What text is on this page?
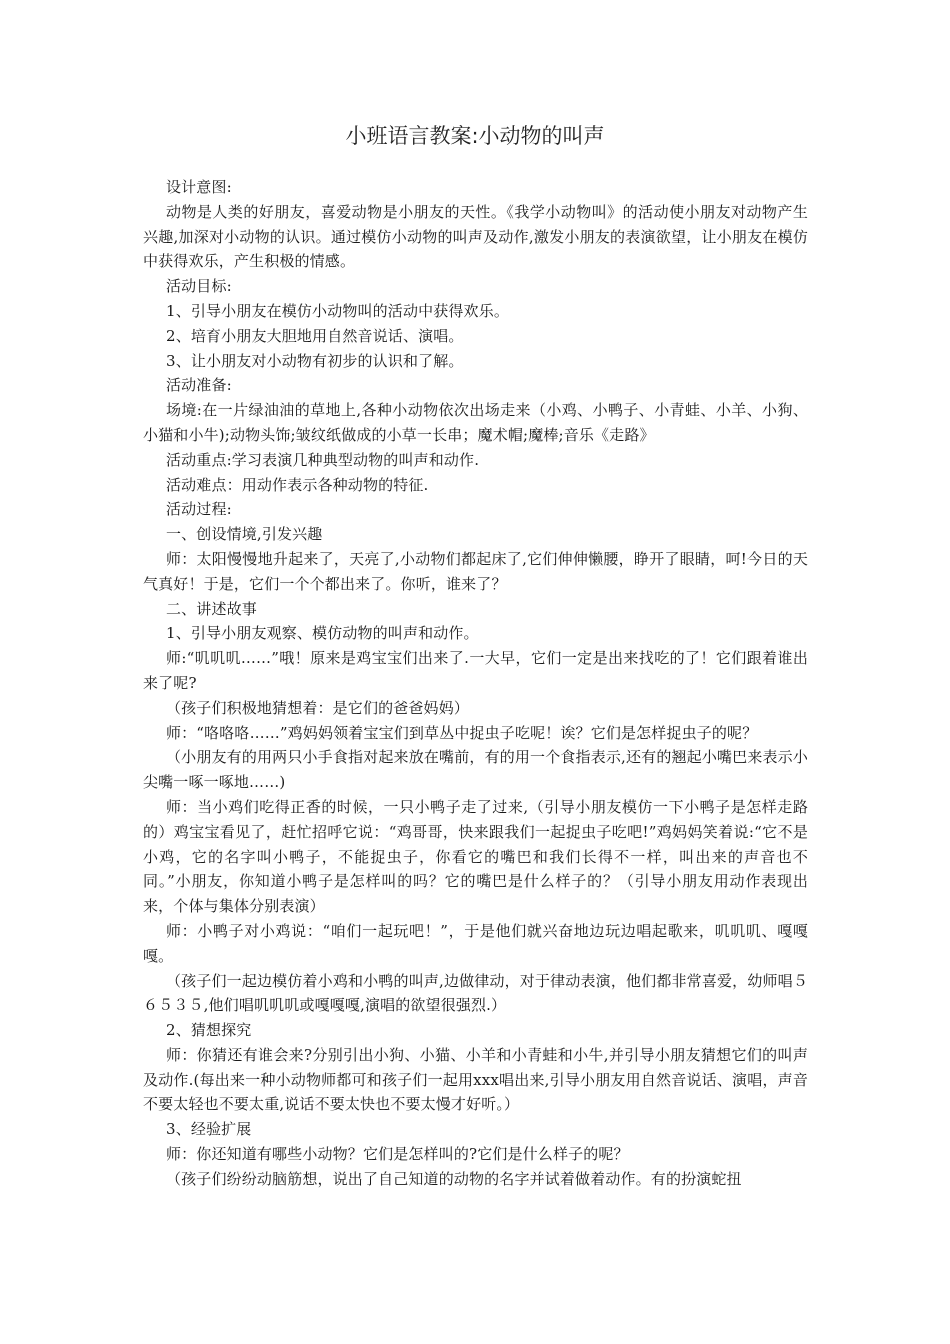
小班语言教案:小动物的叫声

设计意图:

动物是人类的好朋友，喜爱动物是小朋友的天性。《我学小动物叫》的活动使小朋友对动物产生兴趣,加深对小动物的认识。通过模仿小动物的叫声及动作,激发小朋友的表演欲望，让小朋友在模仿中获得欢乐，产生积极的情感。

活动目标:

1、引导小朋友在模仿小动物叫的活动中获得欢乐。

2、培育小朋友大胆地用自然音说话、演唱。

3、让小朋友对小动物有初步的认识和了解。

活动准备:

场境:在一片绿油油的草地上,各种小动物依次出场走来（小鸡、小鸭子、小青蛙、小羊、小狗、小猫和小牛);动物头饰;皱纹纸做成的小草一长串；魔术帽;魔棒;音乐《走路》

活动重点:学习表演几种典型动物的叫声和动作.

活动难点：用动作表示各种动物的特征.

活动过程:

一、创设情境,引发兴趣

师：太阳慢慢地升起来了，天亮了,小动物们都起床了,它们伸伸懒腰，睁开了眼睛，呵!今日的天气真好！于是，它们一个个都出来了。你听，谁来了？

二、讲述故事

1、引导小朋友观察、模仿动物的叫声和动作。

师:“叽叽叽……”哦！原来是鸡宝宝们出来了.一大早，它们一定是出来找吃的了！它们跟着谁出来了呢?

（孩子们积极地猜想着：是它们的爸爸妈妈）

师：“咯咯咯……”鸡妈妈领着宝宝们到草丛中捉虫子吃呢！诶？它们是怎样捉虫子的呢？

（小朋友有的用两只小手食指对起来放在嘴前，有的用一个食指表示,还有的翘起小嘴巴来表示小尖嘴一啄一啄地……)

师：当小鸡们吃得正香的时候，一只小鸭子走了过来,（引导小朋友模仿一下小鸭子是怎样走路的）鸡宝宝看见了，赶忙招呼它说：“鸡哥哥，快来跟我们一起捉虫子吃吧!”鸡妈妈笑着说:“它不是小鸡，它的名字叫小鸭子，不能捉虫子，你看它的嘴巴和我们长得不一样，叫出来的声音也不同。”小朋友，你知道小鸭子是怎样叫的吗？它的嘴巴是什么样子的？（引导小朋友用动作表现出来，个体与集体分别表演）

师：小鸭子对小鸡说：“咱们一起玩吧！”，于是他们就兴奋地边玩边唱起歌来，叽叽叽、嘎嘎嘎。

（孩子们一起边模仿着小鸡和小鸭的叫声,边做律动，对于律动表演，他们都非常喜爱，幼师唱５６５３５,他们唱叽叽叽或嘎嘎嘎,演唱的欲望很强烈.）

2、猜想探究

师：你猜还有谁会来?分别引出小狗、小猫、小羊和小青蛙和小牛,并引导小朋友猜想它们的叫声及动作.(每出来一种小动物师都可和孩子们一起用xxx唱出来,引导小朋友用自然音说话、演唱，声音不要太轻也不要太重,说话不要太快也不要太慢才好听。）

3、经验扩展

师：你还知道有哪些小动物？它们是怎样叫的?它们是什么样子的呢？

（孩子们纷纷动脑筋想，说出了自己知道的动物的名字并试着做着动作。有的扮演蛇扭
